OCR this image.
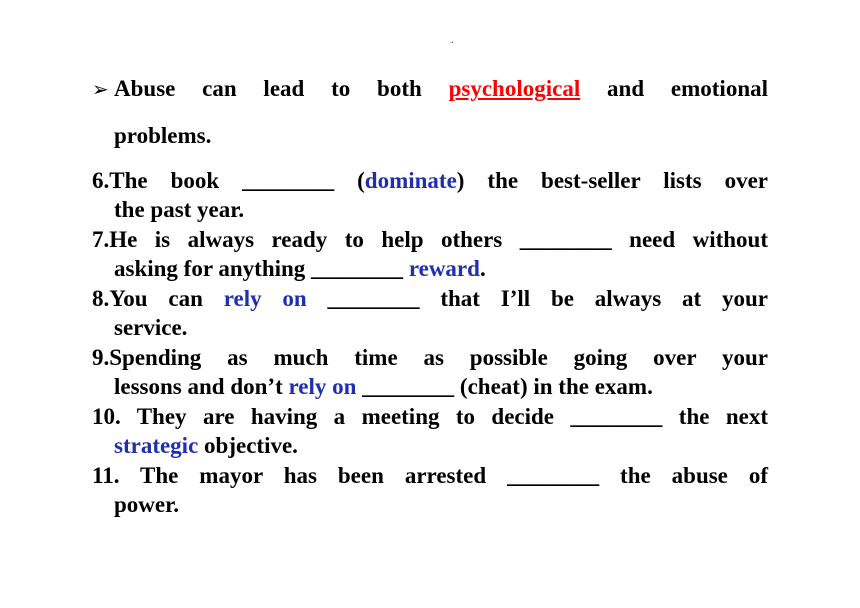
.
➢ Abuse can lead to both psychological and emotional
problems.
6.The book ________ (dominate) the best-seller lists over
the past year.
7.He is always ready to help others ________ need without
asking for anything ________ reward.
8.You can rely on ________ that I’ll be always at your
service.
9.Spending as much time as possible going over your
lessons and don’t rely on ________ (cheat) in the exam.
10. They are having a meeting to decide ________ the next
strategic objective.
11. The mayor has been arrested ________ the abuse of
power.
